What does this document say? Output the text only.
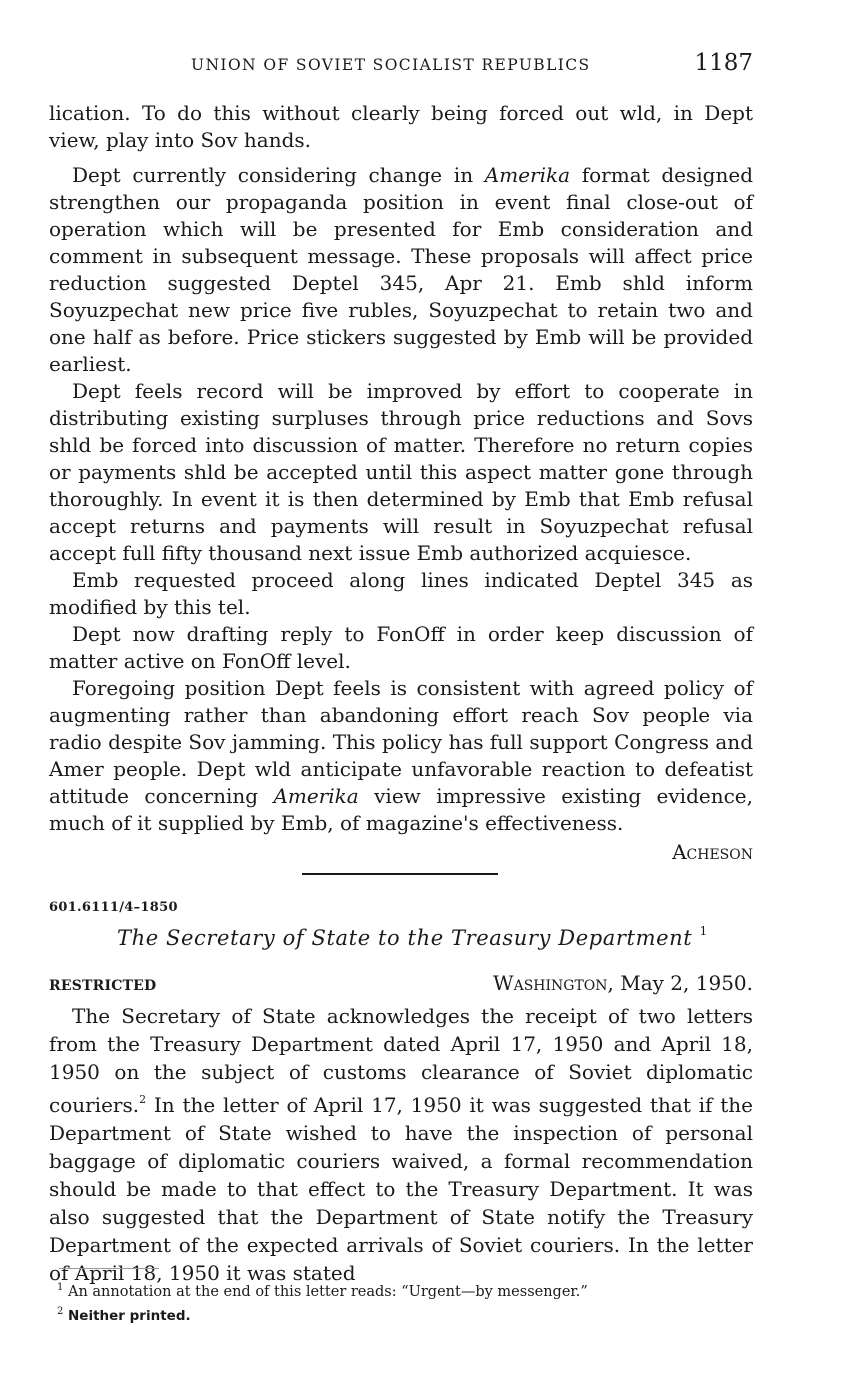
UNION OF SOVIET SOCIALIST REPUBLICS	1187

lication. To do this without clearly being forced out wld, in Dept view, play into Sov hands.

Dept currently considering change in Amerika format designed strengthen our propaganda position in event final close-out of operation which will be presented for Emb consideration and comment in subsequent message. These proposals will affect price reduction suggested Deptel 345, Apr 21. Emb shld inform Soyuzpechat new price five rubles, Soyuzpechat to retain two and one half as before. Price stickers suggested by Emb will be provided earliest.

Dept feels record will be improved by effort to cooperate in distributing existing surpluses through price reductions and Sovs shld be forced into discussion of matter. Therefore no return copies or payments shld be accepted until this aspect matter gone through thoroughly. In event it is then determined by Emb that Emb refusal accept returns and payments will result in Soyuzpechat refusal accept full fifty thousand next issue Emb authorized acquiesce.

Emb requested proceed along lines indicated Deptel 345 as modified by this tel.

Dept now drafting reply to FonOff in order keep discussion of matter active on FonOff level.

Foregoing position Dept feels is consistent with agreed policy of augmenting rather than abandoning effort reach Sov people via radio despite Sov jamming. This policy has full support Congress and Amer people. Dept wld anticipate unfavorable reaction to defeatist attitude concerning Amerika view impressive existing evidence, much of it supplied by Emb, of magazine's effectiveness.

Acheson

601.6111/4–1850
The Secretary of State to the Treasury Department $^1$
RESTRICTED	Washington, May 2, 1950.

The Secretary of State acknowledges the receipt of two letters from the Treasury Department dated April 17, 1950 and April 18, 1950 on the subject of customs clearance of Soviet diplomatic couriers.$^2$ In the letter of April 17, 1950 it was suggested that if the Department of State wished to have the inspection of personal baggage of diplomatic couriers waived, a formal recommendation should be made to that effect to the Treasury Department. It was also suggested that the Department of State notify the Treasury Department of the expected arrivals of Soviet couriers. In the letter of April 18, 1950 it was stated

$^1$ An annotation at the end of this letter reads: “Urgent—by messenger.”

$^2$ Neither printed.
